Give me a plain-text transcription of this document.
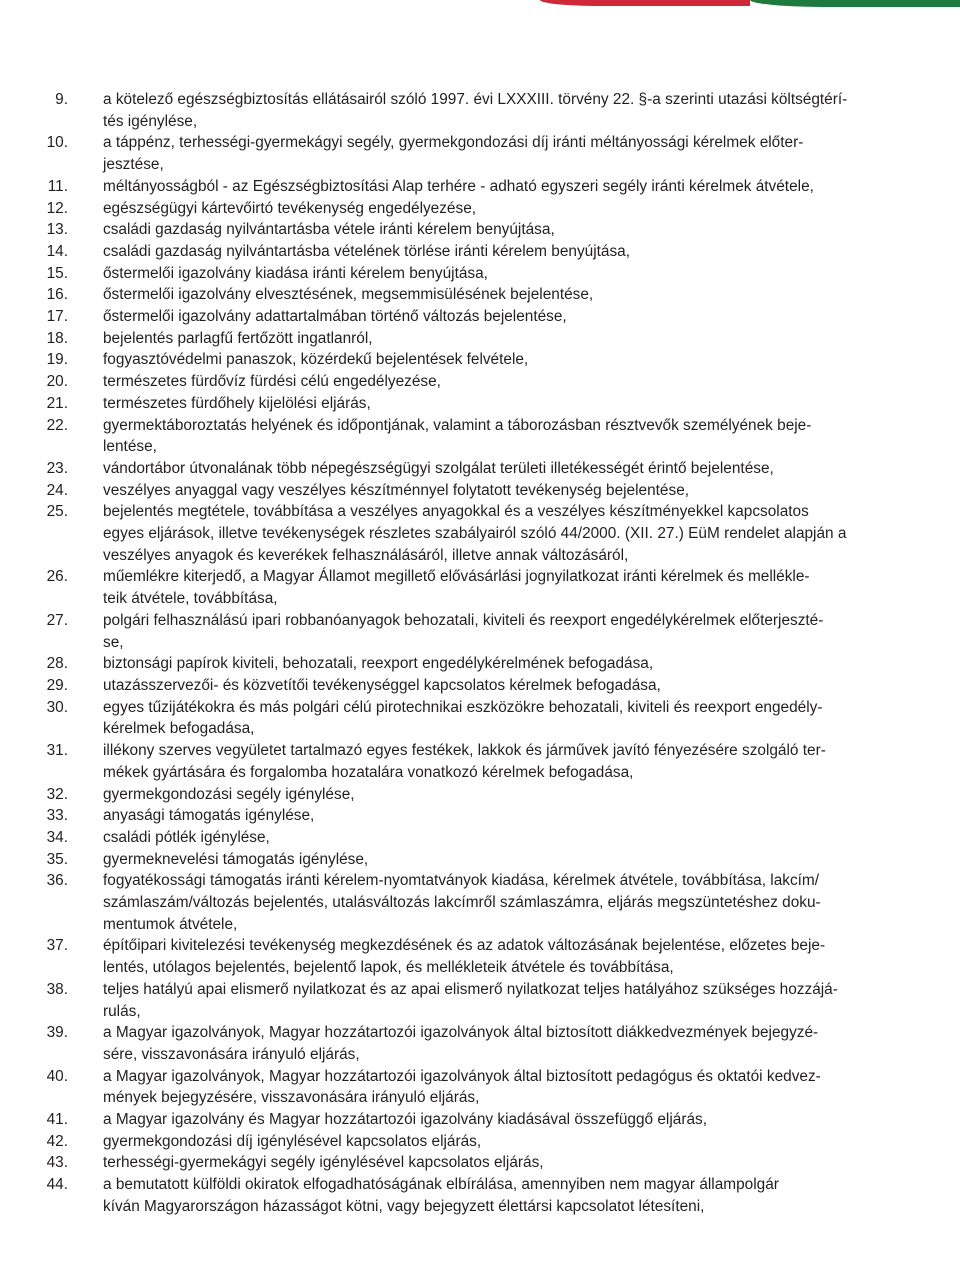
9. a kötelező egészségbiztosítás ellátásairól szóló 1997. évi LXXXIII. törvény 22. §-a szerinti utazási költségtérí-
tés igénylése,
10. a táppénz, terhességi-gyermekágyi segély, gyermekgondozási díj iránti méltányossági kérelmek előter-
jesztése,
11. méltányosságból - az Egészségbiztosítási Alap terhére - adható egyszeri segély iránti kérelmek átvétele,
12. egészségügyi kártevőirtó tevékenység engedélyezése,
13. családi gazdaság nyilvántartásba vétele iránti kérelem benyújtása,
14. családi gazdaság nyilvántartásba vételének törlése iránti kérelem benyújtása,
15. őstermelői igazolvány kiadása iránti kérelem benyújtása,
16. őstermelői igazolvány elvesztésének, megsemmisülésének bejelentése,
17. őstermelői igazolvány adattartalmában történő változás bejelentése,
18. bejelentés parlagfű fertőzött ingatlanról,
19. fogyasztóvédelmi panaszok, közérdekű bejelentések felvétele,
20. természetes fürdővíz fürdési célú engedélyezése,
21. természetes fürdőhely kijelölési eljárás,
22. gyermektáboroztatás helyének és időpontjának, valamint a táborozásban résztvevők személyének beje-
lentése,
23. vándortábor útvonalának több népegészségügyi szolgálat területi illetékességét érintő bejelentése,
24. veszélyes anyaggal vagy veszélyes készítménnyel folytatott tevékenység bejelentése,
25. bejelentés megtétele, továbbítása a veszélyes anyagokkal és a veszélyes készítményekkel kapcsolatos
egyes eljárások, illetve tevékenységek részletes szabályairól szóló 44/2000. (XII. 27.) EüM rendelet alapján a
veszélyes anyagok és keverékek felhasználásáról, illetve annak változásáról,
26. műemlékre kiterjedő, a Magyar Államot megillető elővásárlási jognyilatkozat iránti kérelmek és mellékle-
teik átvétele, továbbítása,
27. polgári felhasználású ipari robbanóanyagok behozatali, kiviteli és reexport engedélykérelmek előterjeszté-
se,
28. biztonsági papírok kiviteli, behozatali, reexport engedélykérelmének befogadása,
29. utazásszervezői- és közvetítői tevékenységgel kapcsolatos kérelmek befogadása,
30. egyes tűzijátékokra és más polgári célú pirotechnikai eszközökre behozatali, kiviteli és reexport engedély-
kérelmek befogadása,
31. illékony szerves vegyületet tartalmazó egyes festékek, lakkok és járművek javító fényezésére szolgáló ter-
mékek gyártására és forgalomba hozatalára vonatkozó kérelmek befogadása,
32. gyermekgondozási segély igénylése,
33. anyasági támogatás igénylése,
34. családi pótlék igénylése,
35. gyermeknevelési támogatás igénylése,
36. fogyatékossági támogatás iránti kérelem-nyomtatványok kiadása, kérelmek átvétele, továbbítása, lakcím/
számlaszám/változás bejelentés, utalásváltozás lakcímről számlaszámra, eljárás megszüntetéshez doku-
mentumok átvétele,
37. építőipari kivitelezési tevékenység megkezdésének és az adatok változásának bejelentése, előzetes beje-
lentés, utólagos bejelentés, bejelentő lapok, és mellékleteik átvétele és továbbítása,
38. teljes hatályú apai elismerő nyilatkozat és az apai elismerő nyilatkozat teljes hatályához szükséges hozzájá-
rulás,
39. a Magyar igazolványok, Magyar hozzátartozói igazolványok által biztosított diákkedvezmények bejegyzé-
sére, visszavonására irányuló eljárás,
40. a Magyar igazolványok, Magyar hozzátartozói igazolványok által biztosított pedagógus és oktatói kedvez-
mények bejegyzésére, visszavonására irányuló eljárás,
41. a Magyar igazolvány és Magyar hozzátartozói igazolvány kiadásával összefüggő eljárás,
42. gyermekgondozási díj igénylésével kapcsolatos eljárás,
43. terhességi-gyermekágyi segély igénylésével kapcsolatos eljárás,
44. a bemutatott külföldi okiratok elfogadhatóságának elbírálása, amennyiben nem magyar állampolgár
kíván Magyarországon házasságot kötni, vagy bejegyzett élettársi kapcsolatot létesíteni,
